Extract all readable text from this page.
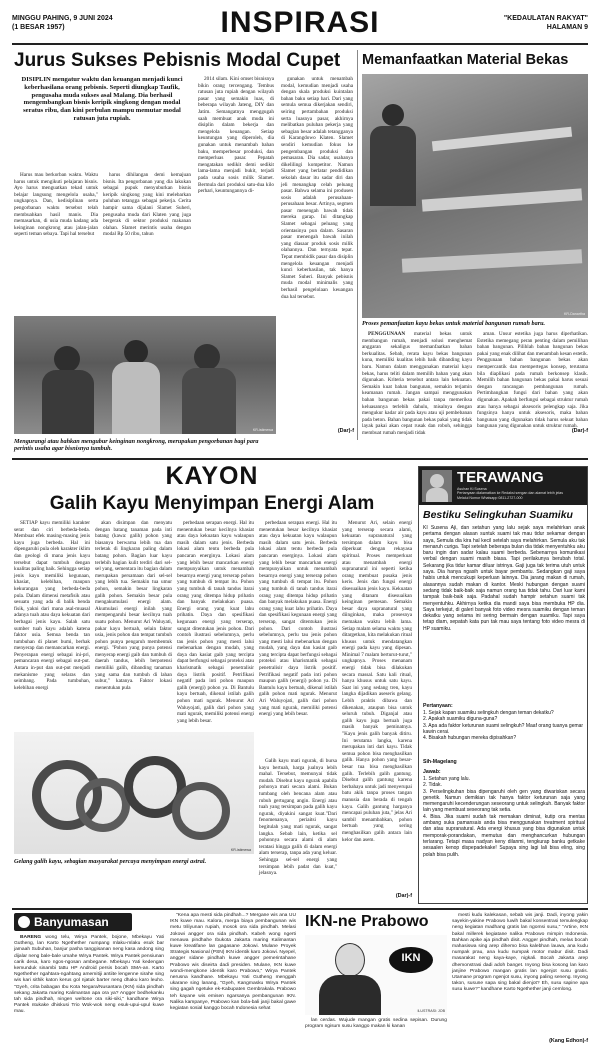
MINGGU PAHING, 9 JUNI 2024
(1 BESAR 1957)	INSPIRASI	"KEDAULATAN RAKYAT"
HALAMAN 9
Jurus Sukses Pebisnis Modal Cupet
DISIPLIN mengatur waktu dan keuangan menjadi kunci keberhasilana orang pebisnis. Seperti diungkap Taufik, pengusaha muda sukses asal Malang. Dia berhasil mengembangkan bisnis keripik singkong dengan modal seratus ribu, dan kini perbulan mampu memutar modal ratusan juta rupiah.

Harus mau berkorban waktu. Waktu harus untuk mengikuti pelajaran bisnis. Ayo harus menguatkan tekad untuk belajar langsung mengelola usaha," ungkapnya. Dan, kedisiplinan serta pengorbanan waktu tersebut telah membuahkan hasil manis. Dia memasarkan, di usia muda kadang ada keinginan nongkrong atau jalan-jalan seperti teman sebaya. Tapi hal tersebut

harus dihilangan demi kemajuan bisnis. Ita pengorbanan yang dia lakukan sebagai pupuk menyuburkan bisnis keripik singkong yang kini melebarkan puluhan tetangga sebagai pekerja. Cerita hampir sama dijalani Slamet Suheri, pengusaha muda dari Klaten yang juga bergerak di sektor produksi makanan olahan. Slamet merintis usaha dengan modal Rp 50 ribu, tahun

2014 silam. Kini omset bisnisnya bikin orang tercengang. Tembus ratusan juta rupiah dengan wilayah pasar yang semakin luas, di beberapa wilayah Jateng, DIY dan Jatim. Semangatnya menggugah saah membuat anak muda ini disiplin dalam bekerja dan mengelola keuangan. Setiap keuntungan yang diperoleh, dia gunakan untuk menambah bahan baku, memperbesar produksi, dan memperluas pasar. Pepatah mengatakan sedikit demi sedikit lama-lama menjadi bukit, terjadi pada usaha sosis milik Slamet. Bermula dari produksi satu-dua kilo perhari, keuntungannya di-

gunakan untuk menambah modal, kemudian menjadi usaha dengan skala produksi kuintalan bahan baku setiap hari. Dari yang semula semua dikerjakan sendiri, seiring pertambahan produksi serta luasnya pasar, akhirnya melibatkan puluhan pekerja yang sebagian besar adalah tetangganya di Karangdowo Klaten. Slamet sendiri kemudian fokus ke pengembangan produksi dan pemasaran. Dia sadar, usahanya dikelilingi kompetitor. Namun Slamet yang berlatar pendidikan sekolah dasar itu sadar diri dan jeli menangkap celah peluang pasar. Bahwa selama ini produsen sosis adalah perusahaan-perusahaan besar. Artinya, segmen pasar menengah bawah tidak mereka garap. Ini ditangkap Slamet sebagai peluang yang orientasinya pun dalam. Sasaran pasar menengah bawah inilah yang diasaar produk sosis milik olahannya. Dan ternyata tepat. Tepat membidik pasar dan disiplin mengelola keuangan menjadi kunci keberhasilan, tak hanya Slamet Suheri. Banyak pebisnis muda modal minimalis yang berhasil pengelolaan keuangan dua hal tersebut.

(Dar)-f
KR-istimewa
Mengurangi atau bahkan mengubur keinginan nongkrong, merupakan pengorbanan bagi para perintis usaha agar bisnisnya tumbuh.
Memanfaatkan Material Bekas
KR-Danartha
Proses pemanfaatan kayu bekas untuk material bangunan rumah baru.

PENGGUNAAN material bekas untuk membangun rumah, menjadi solusi menghemat anggaran sekaligus memanfaatkan bahan berkualitas. Sebab, rerata kayu bekas bangunan kuna, memiliki kualitas lebih baik dibanding kayu baru. Namun dalam menggunakan material kayu bekas, harus teliti dalam memilih bahan yang akan digunakan. Kriteria tersebut antara lain kekuatan. Semakin kuat bahan bangunan, semakin terjamin keamanan rumah. Jangan sampai menggunakan bahan bangunan bekas pakai tanpa memeriksa keluasannya terlebih dahulu, misalnya dengan mengukur kadar air pada kayu atau uji pembebanan pada beton. Bahan bangunan bekas pakai yang tidak layak pakai akan cepat rusak dan roboh, sehingga membuat rumah menjadi tidak

aman. Unsur estetika juga harus diperhatikan. Estetika memegang peran penting dalam pemilihan bahan bangunan. Pilihlah bahan bangunan bekas pakai yang enak dilihat dan menambah kesan estetik. Penggunaan bahan bangunan bekas akan mempercantik dan mempertegas konsep, terutama bila diaplikasi pada rumah berkonsep klasik. Memilih bahan bangunan bekas pakai harus sesuai dengan rancangan pembangunan rumah. Pertimbangkan fungsi dari bahan yang akan digunakan. Apakah berfungsi sebagai struktur rumah atau hanya sebagai aksesoris pelengkap saja. Jika fungsinya hanya untuk aksesoris, maka bahan bangunan yang digunakan tidak harus sekuat bahan bangunan yang digunakan untuk struktur rumah.

(Dar)-f
KAYON
Galih Kayu Menyimpan Energi Alam

SETIAP kayu memiliki karakter serat dan ciri berbeda-beda. Membuat efek masing-masing jenis kayu juga berbeda. Hal ini dipengaruhi pula oleh karakter iklim dan geologi di mana jenis kayu tersebut dapat tumbuh dengan kualitas paling baik. Sehingga setiap jenis kayu memiliki kegunaan, khasiat, kelebihan, maupun kekurangan yang berbeda-beda pula. Dalam dimensi metafisik atau sesuatu yang ada di balik benda fisik, yakni dari mana asal-muasal adanya tuah atau daya kekuatan dari berbagai jenis kayu. Salah satu sumber tuah kayu adalah katena faktor usia. Semua benda tan tumbuhan di planet bumi, berhak menyerap dan memancarkan energi. Penyerapan energi sebagai ini-pri, pemancaran energi sebagai out-put. Antara in-put dan out-put menjadi mekanisme yang selaras dan seimbang. Pada tumbuhan, kelebihan energi

akan disimpan dan menyatu dengan batang tanaman pada inti batang (kawa: galih) pohon yang biasanya berwarna lebih tua dan terletak di lingkaran paling dalam batang pohon. Bagian luar kayu terlebih bagian kulit terdiri dari sel-sel yang, sementara itu bagian dalam merupakan persamaan dari sel-sel yang lebih tua. Semakin tua umur pohon, semakin besar lingkaran galih pohon. Semakin besar pula mengakumulasi energi alam. Akumulasi energi inilah yang mempengaruhi besar kecilnya tuah suatu pohon. Menurut Ari Waluyati, pakar kayu bertuah, selain faktor usia, jenis pohon dan tempat tumbuh pohon punya pengaruh membentuk energi. "Pohon yang punya potensi menyerap energi gaib dan tumbuh di daerah tandus, lebih berpotensi memiliki galih, dibanding tanaman yang sama dan tumbuh di lahan subur," katanya. Faktor lokasi menentukan pula

perbedaan serapan energi. Hal itu menentukan besar kecilnya khasiat atau daya kekuatan kayu walaupun masih dalam satu jenis. Berbeda lokasi alam tentu berbeda pula pancaran energinya. Lokasi alam yang lebih besar mancarkan energi mempunyaikan untuk menambah besarnya energi yang terserap pohon yang tumbuh di tempat itu. Pohon yang tumbuh di tanah tandus itarai orang yang ditempa hidup prihatin dan banyak melakukan puasa. Energi orang yang kuat lahu prihatin. Daya dan spesifikasi kegunaan energi yang terserap, sangat ditentukan jenis pohon. Dari contoh ilustrasi sebelumnya, perlu tau jenis pohon yang mesti lalui mebenarkan dengan mudah, yang daya dan kasiat gaib yang tercipta dapat berfungsi sebagai proteksi atau kharismatik sebagai penetralisir daya listrik positif. Petrifikasi negatif pada inti pohon maupun galih (energi) pohon ya. Di Bantulu kayu bertuah, dikenal istilah galih pohon mati ngurak. Menurut Ari Waluyojati, galih dari pohon yang mati ngurak, memiliki potensi energi yang lebih besar.

Galih kayu mati ngurak, di bursa kayu bertuah, harga jualnya lebih mahal. Tersebut, memunyai tidak mudah. Disebut kayu ngurak apabila pohonya mati secara alami. Bukan tumbang oleh bencana alam atau rubuh gertugang angin. Energi atau tuah yang tersimpan pada galih kayu ngurak, diyakini sangat kuat."Dari fenomenanya, periaitsi kayu begitulah yang mati ngurak, sangat langka. Sebab lain, ketika sel pohonnya secara alami di alam teratasi hingga galih di dalam energi alam terserap, tanpa ada yang keluar. Sehingga sel-sel energi yang tersimpan lebih padat dan kuat," jelasnya.

Menurut Ari, selain energi yang terserap secara alami, kekuatan supranatural yang tersimpan dalam kayu bisa diperkuat dengan rekayasa spiritual. Proses memperkuat atau menambah energi supranatural ini seperti ketika orang membuat pusaka jenis keris. Jenis dan fungsi energi disesuaikan jenis kayu. Kekuatan yang ditanam disesuaikan keinginan pemesan. Semakin besar daya supranatural yang diinginkan, maka prosesnya memakan waktu lebih lama. Setiap malam selama waktu yang ditargetkan, kita melakukan ritual khusus untuk mendatangkan energi pada kayu yang dipesan. Minimal 7 malam berturut-turut," ungkapnya. Proses menanam energi tidak bisa dilakukan secara massal. Satu kali ritual, hanya khusus untuk satu kayu. Saat ini yang sedang tren, kayu langka dijadikan aseseris gelang. Lebih praktis dibawa dan dikenakan, ataupun bisa untuk seluruh tubuh. Diganjal atau galih kayu juga bertuah juga masih banyak peminatnya. "Kayu jenis galih banyak ditiru. Ini terutama langka, karena merupakan inti dari kayu. Tidak semua pohon bisa menghasilkan galih. Hanya pohon yang besar-besar tua bisa menghasilkan galih. Terlebih galih gantung. Disebut galih gantung karena berbahaya untuk jadi menyerupai batu akik tanpa proses tangan manusia dan berada di tengah kayu. Galih gantung harganya mencapai puluhan juta," jelas Ari sambil menambahkan, pohon bertuah yang sering menghasilkan galih antara lain kelor dan asem.

perbedaan serapan energi. Hal itu menentukan besar kecilnya khasiat atau daya kekuatan kayu walaupun masih dalam satu jenis. Berbeda lokasi alam tentu berbeda pula pancaran energinya. Lokasi alam yang lebih besar mancarkan energi mempunyaikan untuk menambah besarnya energi yang terserap pohon yang tumbuh di tempat itu. Pohon yang tumbuh di tanah tandus itarai orang yang ditempa hidup prihatin dan banyak melakukan puasa. Energi orang yang kuat lahu prihatin. Daya dan spesifikasi kegunaan energi yang terserap, sangat ditentukan jenis pohon. Dari contoh ilustrasi sebelumnya, perlu tau jenis pohon yang mesti lalui mebenarkan dengan mudah, yang daya dan kasiat gaib yang tercipta dapat berfungsi sebagai proteksi atau kharismatik sebagai penetralisir daya listrik positif. Petrifikasi negatif pada inti pohon maupun galih (energi) pohon ya. Di Bantulu kayu bertuah, dikenal istilah galih pohon mati ngurak. Menurut Ari Waluyojati, galih dari pohon yang mati ngurak, memiliki potensi energi yang lebih besar.

(Dar)-f
KR-istimewa
Gelang galih kayu, sebagian masyarakat percaya menyimpan energi astral.
TERAWANG
Asuhan Ki Susena
Pertanyaan dialamatkan ke Redaksi sengan dan alamat lebih jelas
Melalui Nomor Whatsapp 0811-2727-000
Bestiku Selingkuhan Suamiku
KI Susena Aji, dan setahun yang lalu sejak saya melahirkan anak pertama dengan alasan suntuk suami tak mau tidur sekamar dengan saya, Semula dia kira hal kecil setelah saya melahirkan. Semula aku tak menaruh curiga. Tapi setelah beberapa bulan dia tidak menyentuhku aku baru ingin dan sadar kalau suami berbeda. Sebenarnya komunikasi verbal dengan suami masih biasa. Tapi perilakunya berubah total. Sekarang jika tidur kamar diluar istrinya. Gaji juga tak terima utuh untuk saya. Dia hanya ngasih untuk bayar pembantu. Sedangkan gaji saya habis untuk mencukupi keperluan lainnya. Dia jarang makan di rumah, alasannya sudah makan di kantor. Meski hubungan dengan suami sedang tidak baik-baik saja namun orang tua tidak tahu. Dari luar kami tampak baik-baik saja. Padahal sudah hampir setahun suami tak menyentuhku. Akhirnya ketika dia mandi saya bisa membuka HP dia. Saya terkejut, di galeri banyak foto video mesra suamiku dengan teman dekatku yang selama ini sering bermain dengan suamiku. Tapi saya tetap diam, sepatah kata pun tak mau saya tentang foto video mesra di HP suamiku.
Pertanyaan:
1. Sejak kapan suamiku selingkuh dengan teman dekatku?
2. Apakah suamiku diguna-guna?
3. Apa ada faktor keturunan suami selingkuh? Maaf orang tuanya gemar kawin cerai.
4. Bisakah hubungan mereka dipisahkan?
Sih-Magelang
Jawab:
1. Setahun yang lalu.
2. Tidak.
3. Perselingkuhan bisa dipengaruhi oleh gen yang diwariskan secara genetik. Namun demikian tak hanya faktor keturunan saja yang memengaruhi kecenderungan seseorang untuk selingkuh. Banyak faktor lain yang membuat seseorang tak setia.
4. Bisa. Jika suami sudah tak memakan diminat, kutip ora mentas ambang suka pamansais anda bisa menggunakan treatment spiritual dan atau supranatural. Ada energi khusus yang bisa digunakan untuk memporak-porandakan, memutus dan menghancurkan hubungan terlarang. Tetapi masa nadyan keny dilanmi, tengkurap banku getkake sesaalen kenop dispepadekake! Supaya sing lagi lali bisa eling, sing polah bisa pulih.
Banyumasan

BARENG wong telu, Wirya Pantek, bojone, Mbekayu Yati Gutheng, lan Karto Ngethether numpang mlaku-mlaku esuk bar jamaah Subuhan, banjur pasha tanggisanan neng kasa andong sing dijalar neng bale-bale umahe Wirya Pantek. Wirya Pantek pensiunan carik desa, karo ngos-ngosan ambegane. Mbekayu Yati kedengan kemunduk sinambi tattu HP Android persis bocah SMA-an. Karto Ngethether ngahtara-ngahtang amemitiji antiite lengenne sirahe sing wis kari sithik katon kerus gol njatuk barter neng dhaku karo leuho. "Gyeh, crita babagan Ibu Kota Negara/Nusantara (IKN) sida pindhah sekang Jakarta maring Kalimantan apa ora ya? Angger bedhekanku tah sida pindhah, ningen weltone ora siki-siki," kandhane Wirya Pantek ntukake dhiskusi Trio Wok-wok neng esuk-upui-upul kuwe mau.

"Kena apa mesti sida pindhah...? Mergane wis ana UU IKN kuwe mau. Kalora, merga biaya pembangunan wis metu triliyunan rupiah, mosok ora sida pindhah. Melasi Jokowi angger ora sida pindhah. Kabeh wong ngerti menawa pindhahe Ibukota Jakarta maring Kalimantan kuwe kreatifane lan gagasane Jokowi. Mulane Proyek Strategis Nasional (PSN) IKN identik karo Jokowi. Nyepel, angger sidane pindhah kuwe angger pemerintahane Prabowo wis diseirta dadi presiden. Mulane, IKN kuwe wondi-mengkone identik karo Prabowo," Wirya Pantek nerusna kandhane. Mbekayu Yati Gutheng menggah ukarane sing lanang, "Gyeh, Kangmasku Wirya Pantek sing gagah ngetuke ek-Kabupaten Gembrakala. Prabowo teh kayane wis emisen ngarsanya pembangunan IKN. Nalika kampanye, Prabowo kan bola-bali janji bakal gawe kegiatan sosial kanggo bocah Indonesia sehat

IKN-ne Prabowo
IKN
ILUSTRASI: JOB

lan cerdas. Wujude mangan gratis sedina sepisan. Durung program ngisum susu kanggo makan ki kanan

mesti kudu kalekasan, sebab wis janji. Dadi, inyong yakin sayekin-yakine Prabowo luwih bakal konsentrasi temulengkap neng kegiatan madhang gratis lan ngomsi susu," "Artine, IKN bakal millerek kegiatane nalika Prabowo mimpin Indonesia. Bahkan apike aja pindhah disit. Angger pindhah, melas bocah mahasiswa sing arep dihemo bisa kalebhan lauwa, ana kudu numpak prau, ana kudu numpak motor mabur disit. Dadi masarakat neng kaya-kaye, nigkali. Bocah Jakarta arep dhemonstrasi dadi adoh banget. Inyong bisa kosong lan karo janjine Prabowo mangan gratis lan ngenjot susu gratis. Utamane program ngenjot susu, inyong paling seneng. Inyong takon, susune sapa sing bakal dienjot? Eh, susu sapine apa susu kuwe?" kandhane Karto Ngethether janji cemlong.

(Kang Edhon)-f
